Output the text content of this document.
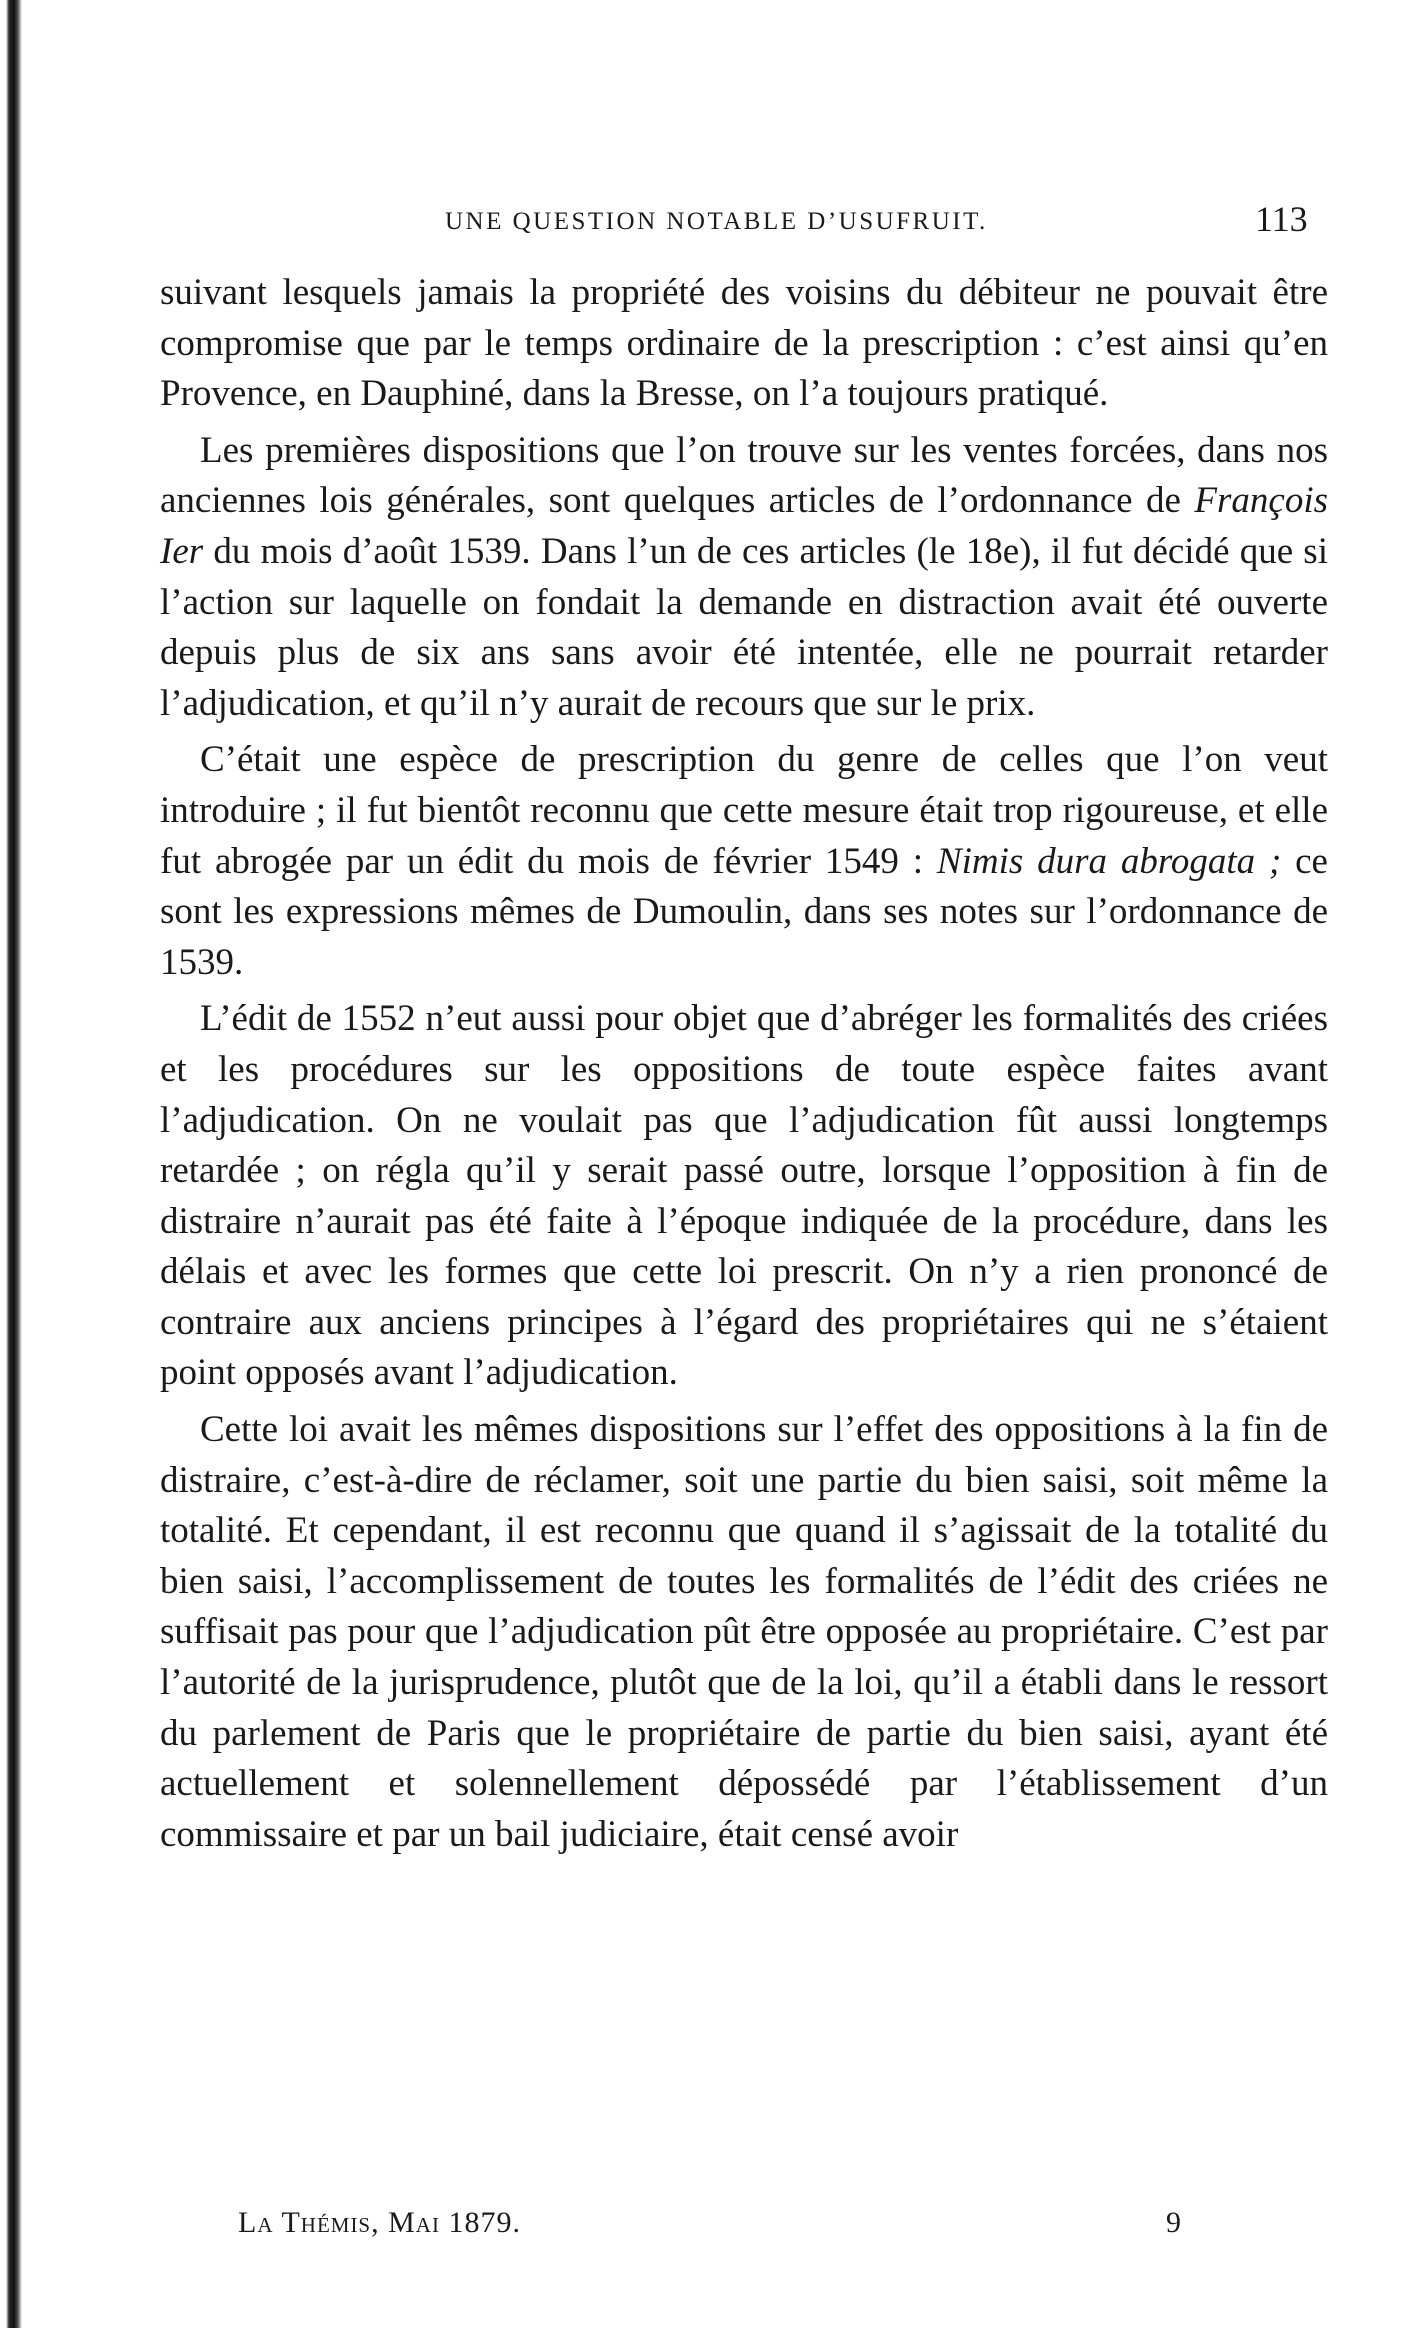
UNE QUESTION NOTABLE D’USUFRUIT.	113

suivant lesquels jamais la propriété des voisins du débiteur ne pouvait être compromise que par le temps ordinaire de la prescription : c’est ainsi qu’en Provence, en Dauphiné, dans la Bresse, on l’a toujours pratiqué.

Les premières dispositions que l’on trouve sur les ventes forcées, dans nos anciennes lois générales, sont quelques articles de l’ordonnance de François Ier du mois d’août 1539. Dans l’un de ces articles (le 18e), il fut décidé que si l’action sur laquelle on fondait la demande en distraction avait été ouverte depuis plus de six ans sans avoir été intentée, elle ne pourrait retarder l’adjudication, et qu’il n’y aurait de recours que sur le prix.

C’était une espèce de prescription du genre de celles que l’on veut introduire ; il fut bientôt reconnu que cette mesure était trop rigoureuse, et elle fut abrogée par un édit du mois de février 1549 : Nimis dura abrogata ; ce sont les expressions mêmes de Dumoulin, dans ses notes sur l’ordonnance de 1539.

L’édit de 1552 n’eut aussi pour objet que d’abréger les formalités des criées et les procédures sur les oppositions de toute espèce faites avant l’adjudication. On ne voulait pas que l’adjudication fût aussi longtemps retardée ; on régla qu’il y serait passé outre, lorsque l’opposition à fin de distraire n’aurait pas été faite à l’époque indiquée de la procédure, dans les délais et avec les formes que cette loi prescrit. On n’y a rien prononcé de contraire aux anciens principes à l’égard des propriétaires qui ne s’étaient point opposés avant l’adjudication.

Cette loi avait les mêmes dispositions sur l’effet des oppositions à la fin de distraire, c’est-à-dire de réclamer, soit une partie du bien saisi, soit même la totalité. Et cependant, il est reconnu que quand il s’agissait de la totalité du bien saisi, l’accomplissement de toutes les formalités de l’édit des criées ne suffisait pas pour que l’adjudication pût être opposée au propriétaire. C’est par l’autorité de la jurisprudence, plutôt que de la loi, qu’il a établi dans le ressort du parlement de Paris que le propriétaire de partie du bien saisi, ayant été actuellement et solennellement dépossédé par l’établissement d’un commissaire et par un bail judiciaire, était censé avoir

La Thémis, Mai 1879.	9
